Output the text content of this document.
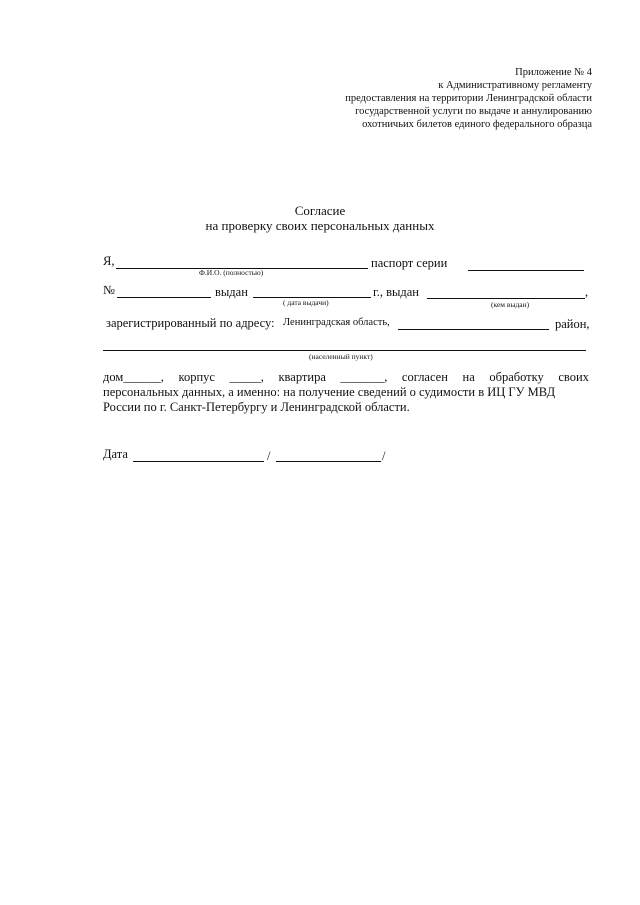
Приложение № 4
к Административному регламенту
предоставления на территории Ленинградской области
государственной услуги по выдаче и аннулированию
охотничьих билетов единого федерального образца
Согласие
на проверку своих персональных данных
Я,
Ф.И.О. (полностью)
паспорт серии
№	выдан
( дата выдачи)
г., выдан	,
(кем выдан)
зарегистрированный по адресу: Ленинградская область,	район,
(населенный пункт)
дом______, корпус _____, квартира _______, согласен на обработку своих
персональных данных, а именно: на получение сведений о судимости в ИЦ ГУ МВД
России по г. Санкт-Петербургу и Ленинградской области.
Дата	/	/
